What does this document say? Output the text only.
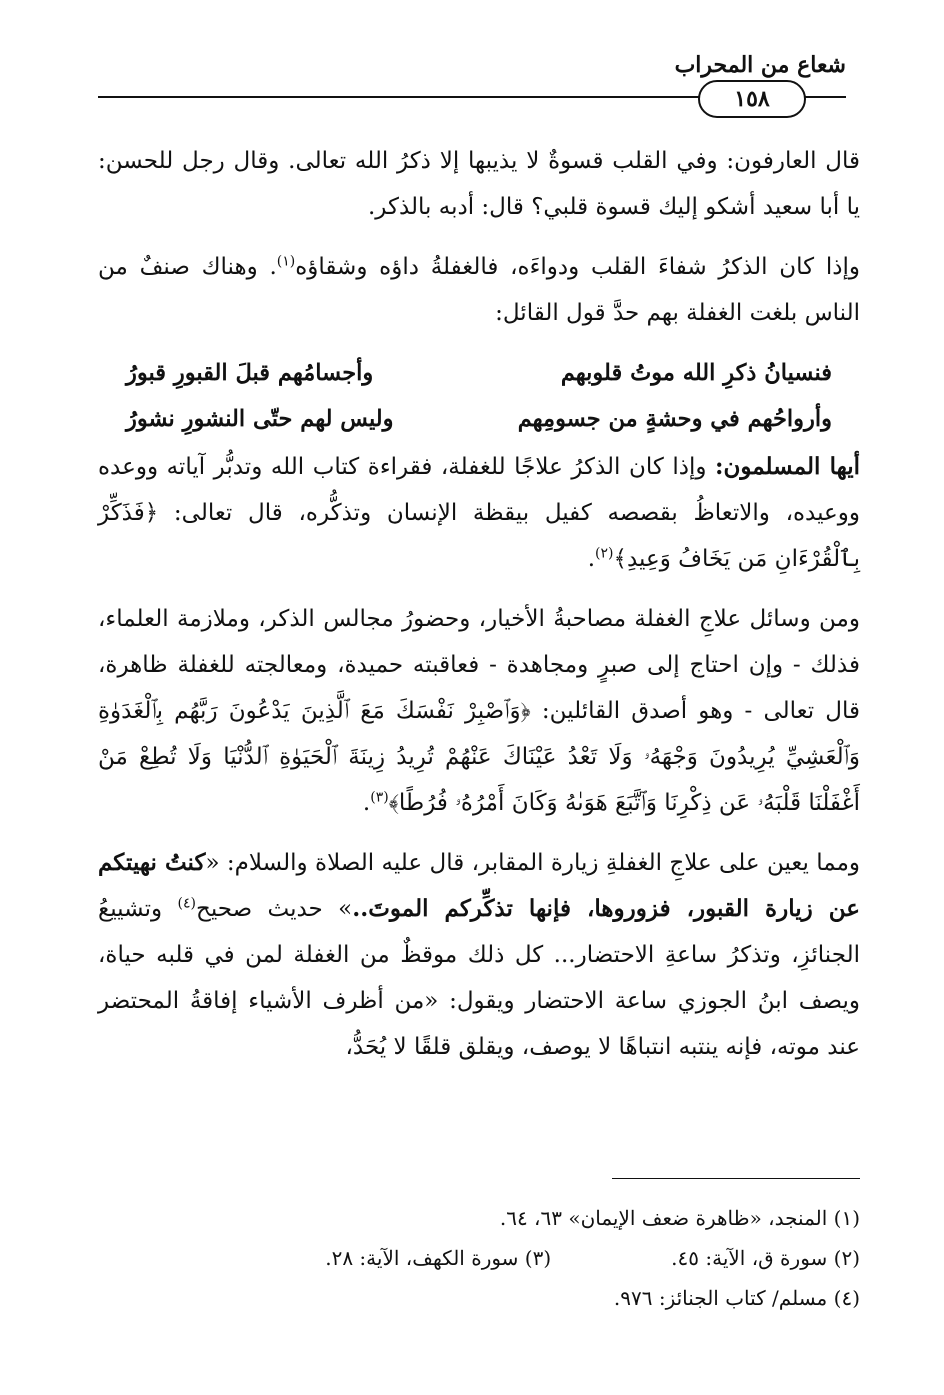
شعاع من المحراب
١٥٨

قال العارفون: وفي القلب قسوةٌ لا يذيبها إلا ذكرُ الله تعالى. وقال رجل للحسن: يا أبا سعيد أشكو إليك قسوة قلبي؟ قال: أدبه بالذكر.

وإذا كان الذكرُ شفاءَ القلب ودواءَه، فالغفلةُ داؤه وشقاؤه$^{(١)}$. وهناك صنفٌ من الناس بلغت الغفلة بهم حدَّ قول القائل:

فنسيانُ ذكرِ الله موتُ قلوبهم
وأجسامُهم قبلَ القبورِ قبورُ
وأرواحُهم في وحشةٍ من جسومِهم
وليس لهم حتّى النشورِ نشورُ

أيها المسلمون: وإذا كان الذكرُ علاجًا للغفلة، فقراءة كتاب الله وتدبُّر آياته ووعده ووعيده، والاتعاظُ بقصصه كفيل بيقظة الإنسان وتذكُّره، قال تعالى: ﴿فَذَكِّرْ بِٱلْقُرْءَانِ مَن يَخَافُ وَعِيدِ﴾$^{(٢)}$.

ومن وسائل علاجِ الغفلة مصاحبةُ الأخيار، وحضورُ مجالس الذكر، وملازمة العلماء، فذلك - وإن احتاج إلى صبرٍ ومجاهدة - فعاقبته حميدة، ومعالجته للغفلة ظاهرة، قال تعالى - وهو أصدق القائلين: ﴿وَٱصْبِرْ نَفْسَكَ مَعَ ٱلَّذِينَ يَدْعُونَ رَبَّهُم بِٱلْغَدَوٰةِ وَٱلْعَشِيِّ يُرِيدُونَ وَجْهَهُۥ وَلَا تَعْدُ عَيْنَاكَ عَنْهُمْ تُرِيدُ زِينَةَ ٱلْحَيَوٰةِ ٱلدُّنْيَا وَلَا تُطِعْ مَنْ أَغْفَلْنَا قَلْبَهُۥ عَن ذِكْرِنَا وَٱتَّبَعَ هَوَىٰهُ وَكَانَ أَمْرُهُۥ فُرُطًا﴾$^{(٣)}$.

ومما يعين على علاجِ الغفلةِ زيارة المقابر، قال عليه الصلاة والسلام: «كنتُ نهيتكم عن زيارة القبور، فزوروها، فإنها تذكِّركم الموتَ..» حديث صحيح$^{(٤)}$ وتشييعُ الجنائزِ، وتذكرُ ساعةِ الاحتضار... كل ذلك موقظٌ من الغفلة لمن في قلبه حياة، ويصف ابنُ الجوزي ساعة الاحتضار ويقول: «من أظرف الأشياء إفاقةُ المحتضر عند موته، فإنه ينتبه انتباهًا لا يوصف، ويقلق قلقًا لا يُحَدُّ،

(١) المنجد، «ظاهرة ضعف الإيمان» ٦٣، ٦٤.
(٢) سورة ق، الآية: ٤٥.
(٣) سورة الكهف، الآية: ٢٨.
(٤) مسلم/ كتاب الجنائز: ٩٧٦.
